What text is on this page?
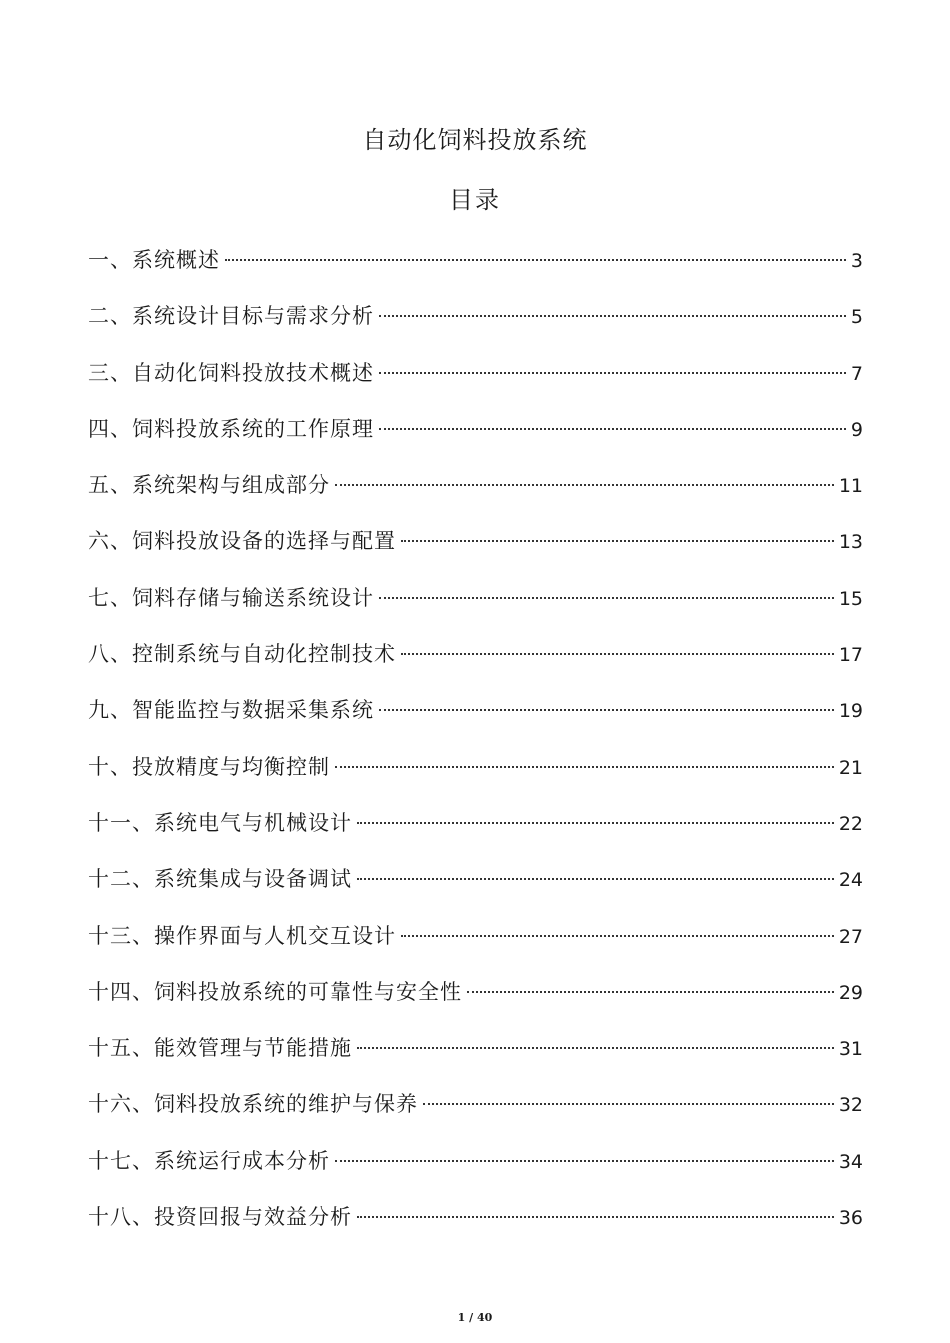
自动化饲料投放系统
目录
一、系统概述	3
二、系统设计目标与需求分析	5
三、自动化饲料投放技术概述	7
四、饲料投放系统的工作原理	9
五、系统架构与组成部分	11
六、饲料投放设备的选择与配置	13
七、饲料存储与输送系统设计	15
八、控制系统与自动化控制技术	17
九、智能监控与数据采集系统	19
十、投放精度与均衡控制	21
十一、系统电气与机械设计	22
十二、系统集成与设备调试	24
十三、操作界面与人机交互设计	27
十四、饲料投放系统的可靠性与安全性	29
十五、能效管理与节能措施	31
十六、饲料投放系统的维护与保养	32
十七、系统运行成本分析	34
十八、投资回报与效益分析	36
1 / 40
